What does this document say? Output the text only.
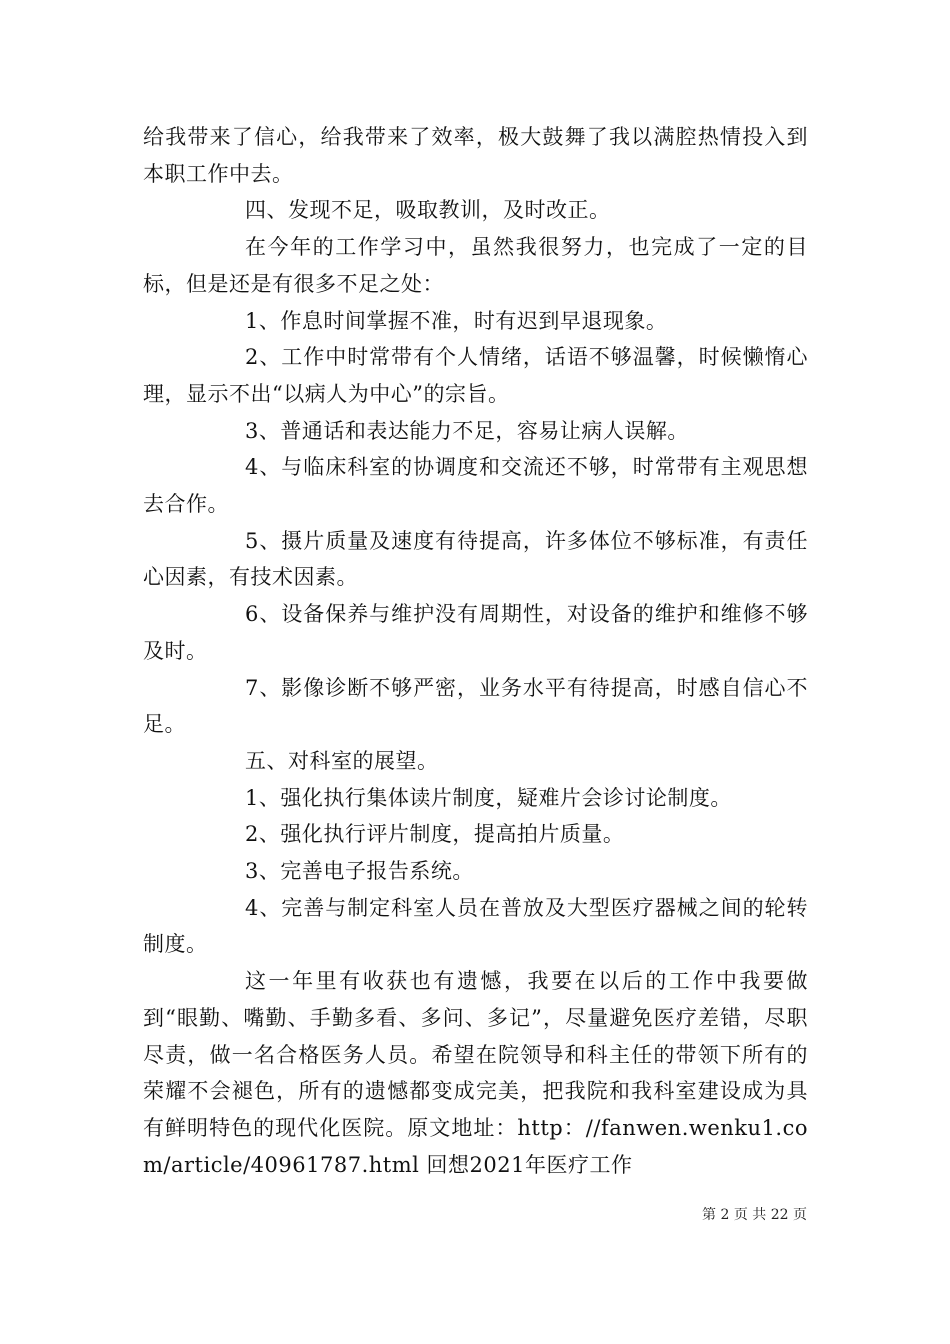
给我带来了信心，给我带来了效率，极大鼓舞了我以满腔热情投入到本职工作中去。

四、发现不足，吸取教训，及时改正。

在今年的工作学习中，虽然我很努力，也完成了一定的目标，但是还是有很多不足之处：

1、作息时间掌握不准，时有迟到早退现象。

2、工作中时常带有个人情绪，话语不够温馨，时候懒惰心理，显示不出“以病人为中心”的宗旨。

3、普通话和表达能力不足，容易让病人误解。

4、与临床科室的协调度和交流还不够，时常带有主观思想去合作。

5、摄片质量及速度有待提高，许多体位不够标准，有责任心因素，有技术因素。

6、设备保养与维护没有周期性，对设备的维护和维修不够及时。

7、影像诊断不够严密，业务水平有待提高，时感自信心不足。

五、对科室的展望。

1、强化执行集体读片制度，疑难片会诊讨论制度。

2、强化执行评片制度，提高拍片质量。

3、完善电子报告系统。

4、完善与制定科室人员在普放及大型医疗器械之间的轮转制度。

这一年里有收获也有遗憾，我要在以后的工作中我要做到“眼勤、嘴勤、手勤多看、多问、多记”，尽量避免医疗差错，尽职尽责，做一名合格医务人员。希望在院领导和科主任的带领下所有的荣耀不会褪色，所有的遗憾都变成完美，把我院和我科室建设成为具有鲜明特色的现代化医院。原文地址：http：//fanwen.wenku1.com/article/40961787.html 回想2021年医疗工作

第 2 页 共 22 页
